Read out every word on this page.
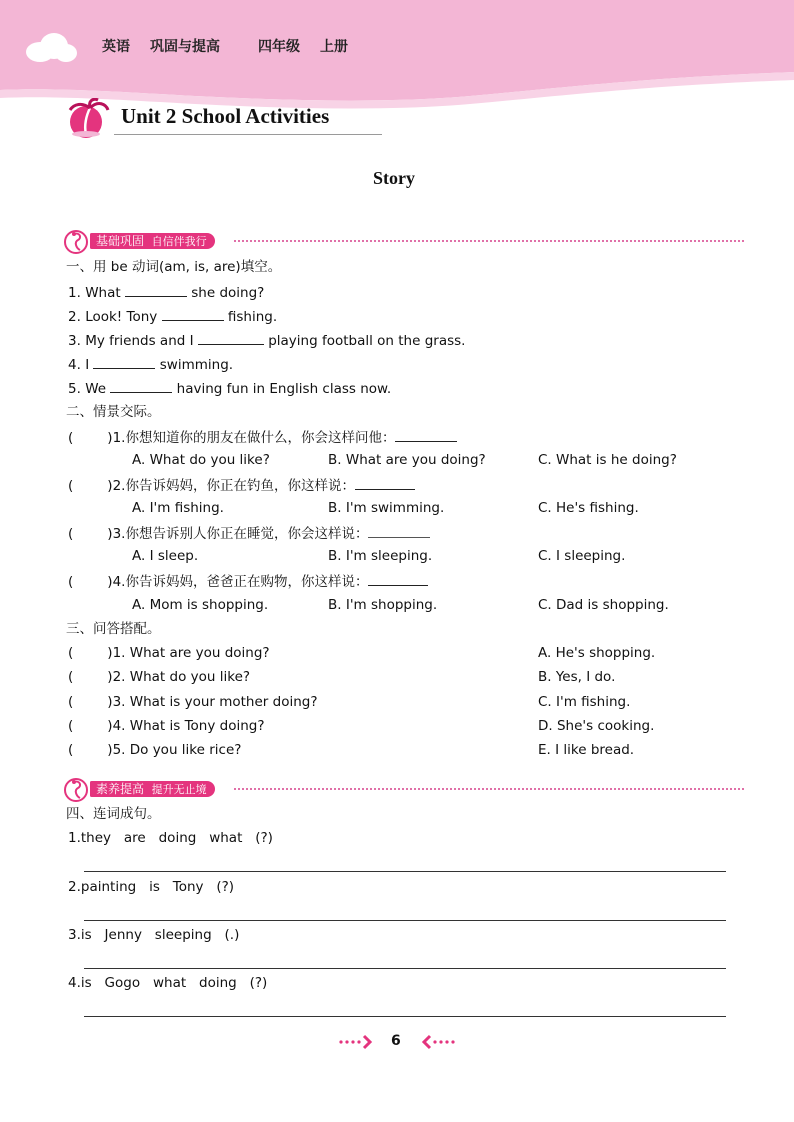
英语 巩固与提高	四年级 上册
Unit 2 School Activities
Story
基础巩固 自信伴我行
一、用 be 动词(am, is, are)填空。
1. What	she doing?
2. Look! Tony	fishing.
3. My friends and I	playing football on the grass.
4. I	swimming.
5. We	having fun in English class now.
二、情景交际。
(	)1.你想知道你的朋友在做什么，你会这样问他：
A. What do you like?	B. What are you doing?	C. What is he doing?
(	)2.你告诉妈妈，你正在钓鱼，你这样说：
A. I'm fishing.	B. I'm swimming.	C. He's fishing.
(	)3.你想告诉别人你正在睡觉，你会这样说：
A. I sleep.	B. I'm sleeping.	C. I sleeping.
(	)4.你告诉妈妈，爸爸正在购物，你这样说：
A. Mom is shopping.	B. I'm shopping.	C. Dad is shopping.
三、问答搭配。
(	)1. What are you doing?	A. He's shopping.
(	)2. What do you like?	B. Yes, I do.
(	)3. What is your mother doing?	C. I'm fishing.
(	)4. What is Tony doing?	D. She's cooking.
(	)5. Do you like rice?	E. I like bread.
素养提高 提升无止境
四、连词成句。
1.they   are   doing   what   (?)
2.painting   is   Tony   (?)
3.is   Jenny   sleeping   (.)
4.is   Gogo   what   doing   (?)
6
